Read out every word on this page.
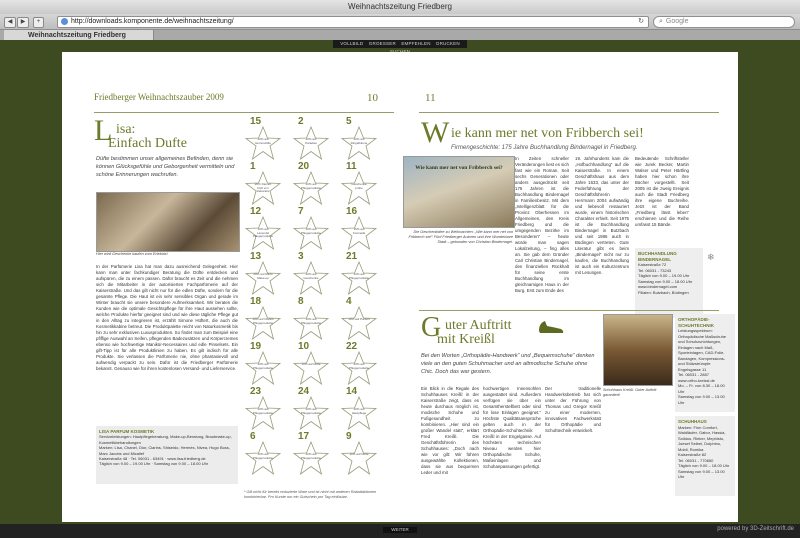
Weihnachtszeitung Friedberg
◀	▶	+	http://downloads.komponente.de/weihnachtszeitung/	↻	⌕ Google
Weihnachtszeitung Friedberg
VOLLBILD GROESSER EMPFEHLEN DRUCKEN
Friedberger Weihnachtszauber 2009	10
L isa:
Einfach Dufte
Düfte bestimmen unser allgemeines Befinden, denn sie können Glücksgefühle und Geborgenheit vermitteln und schöne Erinnerungen wachrufen.
Hier wird Geschenke kaufen zum Erlebnis!
In der Parfümerie Lisa hat man dazu ausreichend Gelegenheit. Hier kann man unter fachkundiger Beratung die Düfte entdecken und aufspüren, die zu einem passen. Dafür braucht es Zeit und die nehmen sich die Mitarbeiter in der autorisierten Fachparfümerie auf der Kaiserstraße. Und das gilt nicht nur für die edlen Düfte, sondern für die gesamte Pflege. Die Haut ist ein sehr sensibles Organ und gerade im Winter braucht sie unsere besondere Aufmerksamkeit. Wir beraten die Kunden wie die optimale Gesichtspflege für ihre Haut aussehen sollte, welche Produkte hierfür geeignet sind und wie diese tägliche Pflege gut in den Alltag zu integrieren ist, erzählt Simone Hüftert, die auch die Kosmetikkabine betreut. Die Produktpalette reicht von Naturkosmetik bis hin zu sehr exklusiven Luxusprodukten. So findet man zum Beispiel eine pfiffige Auswahl an Seifen, pflegenden Badezusätzen und Körpercremes ebenso wie hochwertige Manikür-Necessaires und edle Pinselsets. Ein gift-Tipp ist für alle Produktlinien zu haben. Es gilt indisch für alle Produkte. Sie verlassen die Parfümerie nie, ohne phantasievoll und aufwendig verpackt zu sein. Dafür ist die Friedberger Parfümerie bekannt. Genauso wie für ihren kostenlosen Versand- und Lieferservice.
LISA PARFUM KOSMETIK
Serviceleistungen: Hautpflegeberatung, Make-up-Beratung, Brautmake-up, Kosmetikbehandlungen
Marken: Lisa, Chanel, Dior, Clarins, Shiseido, Hermès, Nivea, Hugo Boss, Marc Jacobs und Micallef
Kaiserstraße 48 · Tel. 06031 - 63491 · www.lisa-friedberg.de
Täglich von 9.00 – 19.00 Uhr · Samstag von 9.00 – 18.00 Uhr
15
20% auf Herrendüfte
2
10% auf Paradise
5
20% auf Ringelblume
1
20% Damen Duft von Dekorativ
20
10% auf Pflegeprodukte
11
Geschenke probe
12
10% auf Lavendel Pflegeprodukte
7
10% auf Pflegeprodukte
16
15% auf Kosmetik
13
20% auf Mikro Make-up
3
10% auf Geschenke
21
10% auf Pflegeprodukte
18
10% auf Clarins Pflegeprodukte
8
10% auf Pflegeprodukte
4
10% auf Parfum
19
10% auf Pflegeprodukte
10
10% auf Düfte
22
20% auf Pflegeprodukte
23
10% auf Pflegeprodukte
24
10% auf Pflegeprodukte
14
10% auf Hautpflege
6
10% auf Pflegeprodukte
17
10% auf Pflegeprodukte
9
10% auf Düfte
* Gilt nicht für bereits reduzierte Ware und ist nicht mit anderen Rabattaktionen kombinierbar. Pro Kunde nur ein Gutschein pro Tag einlösbar.
11
W ie kann mer net von Fribberch sei!
Firmengeschichte: 175 Jahre Buchhandlung Bindernagel in Friedberg.
Wie kann mer net von Fribberch sei?
Die Geschenkidee zu Weihnachten: „Wie kann mer net von Fribberch sei!“ Fünf Friedberger Autoren und ihre Wunderbare Stadt – gebunden von Christian Bindernagel.
In Zeiten schneller Veränderungen liest es sich fast wie ein Roman. Seit sechs Generationen oder anders ausgedrückt seit 175 Jahren ist die Buchhandlung Bindernagel in Familienbesitz. Mit dem „Intelligenzblatt für die Provinz Oberhessen im Allgemeinen, den Kreis Friedberg und die umgegenden Bezirke im Besonderen“ – heute würde man sagen Lokalzeitung, – fing alles an. Sie gab dem Gründer Carl Christian Bindernagel, den finanziellen Rückhalt für seine erste Buchhandlung im gleichnamigen Haus in der Burg. Erst zum Ende des
19. Jahrhunderts kam die „Hofbuchhandlung“ auf die Kaiserstraße. In einem Geschäftshaus aus dem Jahre 1633, das unter der Federführung der Geschäftsführerin Herrmann 2004 aufwändig und liebevoll restauriert wurde, einem historischen Charakter erhielt. Seit 1975 ist die Buchhandlung Bindernagel in Butzbach und seit 1986 auch in Büdingen vertreten. Gute Literatur gibt es beim „Bindernagel“ nicht nur zu kaufen, die Buchhandlung ist auch ein Kulturzentrum mit Lesungen.
Bedeutende Schriftsteller wie Jurek Becker, Martin Walser und Peter Härtling haben hier schon ihre Bücher vorgestellt. Seit 2005 ist die zweig Ereignis auch die Stadt Friedberg ihre eigene Buchreihe. Jetzt ist der Band „Friedberg lässt leben“ erschienen und die Reihe umfasst 15 Bände.
BUCHHANDLUNG BINDERNAGEL
Kaiserstraße 72
Tel. 06031 - 73243
Täglich von 9.00 – 19.00 Uhr
Samstag von 9.00 – 18.00 Uhr
www.bindernagel.com
Filialen: Butzbach, Büdingen
❄
G uter Auftritt
mit Kreißl
Bei den Worten „Orthopädie-Handwerk“ und „Bequemschuhe“ denken viele an den guten Schuhmacher und an altmodische Schuhe ohne Chic. Doch das war gestern.
Ein Blick in die Regale des Schuhhauses Kreißl in der Kaiserstraße zeigt, dass es heute durchaus möglich ist, modische Schuhe und Fußgesundheit zu kombinieren. „Hier sind ein großer Wandel statt“, erklärt Fred Kreißl. Die Geschäftsführerin des Schuhhauses: „Doch nach wie vor gilt: Wir führen ausgewählte Kollektionen, dass sie aus bequemen Leder und mit
hochwertigen Innensohlen ausgestattet sind. Außerdem verfügen sie über ein Gesamtherstellbett oder sind für lose Einlagen geeignet.“ Höchste Qualitätsansprüche gelten auch in der Orthopädie-Schuhtechnik Kreißl in der Engelgasse. Auf höchstem technischen Niveau werden hier Orthopädische Schuhe, Maßeinlagen und Schuhanpassungen gefertigt.
Der traditionelle Handwerksbetrieb hat sich unter der Führung von Thomas und Gregor Kreißl zu einer modernen, innovativen Fachwerkstatt für Orthopädie und Schuhtechnik entwickelt.
Schuhhaus Kreißl: Guter Auftritt garantiert!
ORTHOPÄDIE-SCHUHTECHNIK
Leistungsspektrum:
Orthopädische Maßschuhe und Schuhzurichtungen, Einlagen nach Maß, Sporteinlagen, CAD-Folie, Bandagen, Kompressions- und Stützstrümpfe
Engelsgasse 11
Tel. 06031 - 2887
www.ortho-kreissl.de
Mo. – Fr. von 8.30 – 18.00 Uhr
Samstag von 9.00 – 13.00 Uhr
SCHUHHAUS
Marken: Finn Comfort, Waldläufer, Gabor, Hassia, Solidus, Rieker, Mephisto, Joesef Seibel, Dolphino, Mobil, Romika
Kaiserstraße 82
Tel. 06031 - 770650
Täglich von 9.00 – 18.00 Uhr
Samstag von 9.00 – 13.00 Uhr
WEITER	powered by 3D-Zeitschrift.de
